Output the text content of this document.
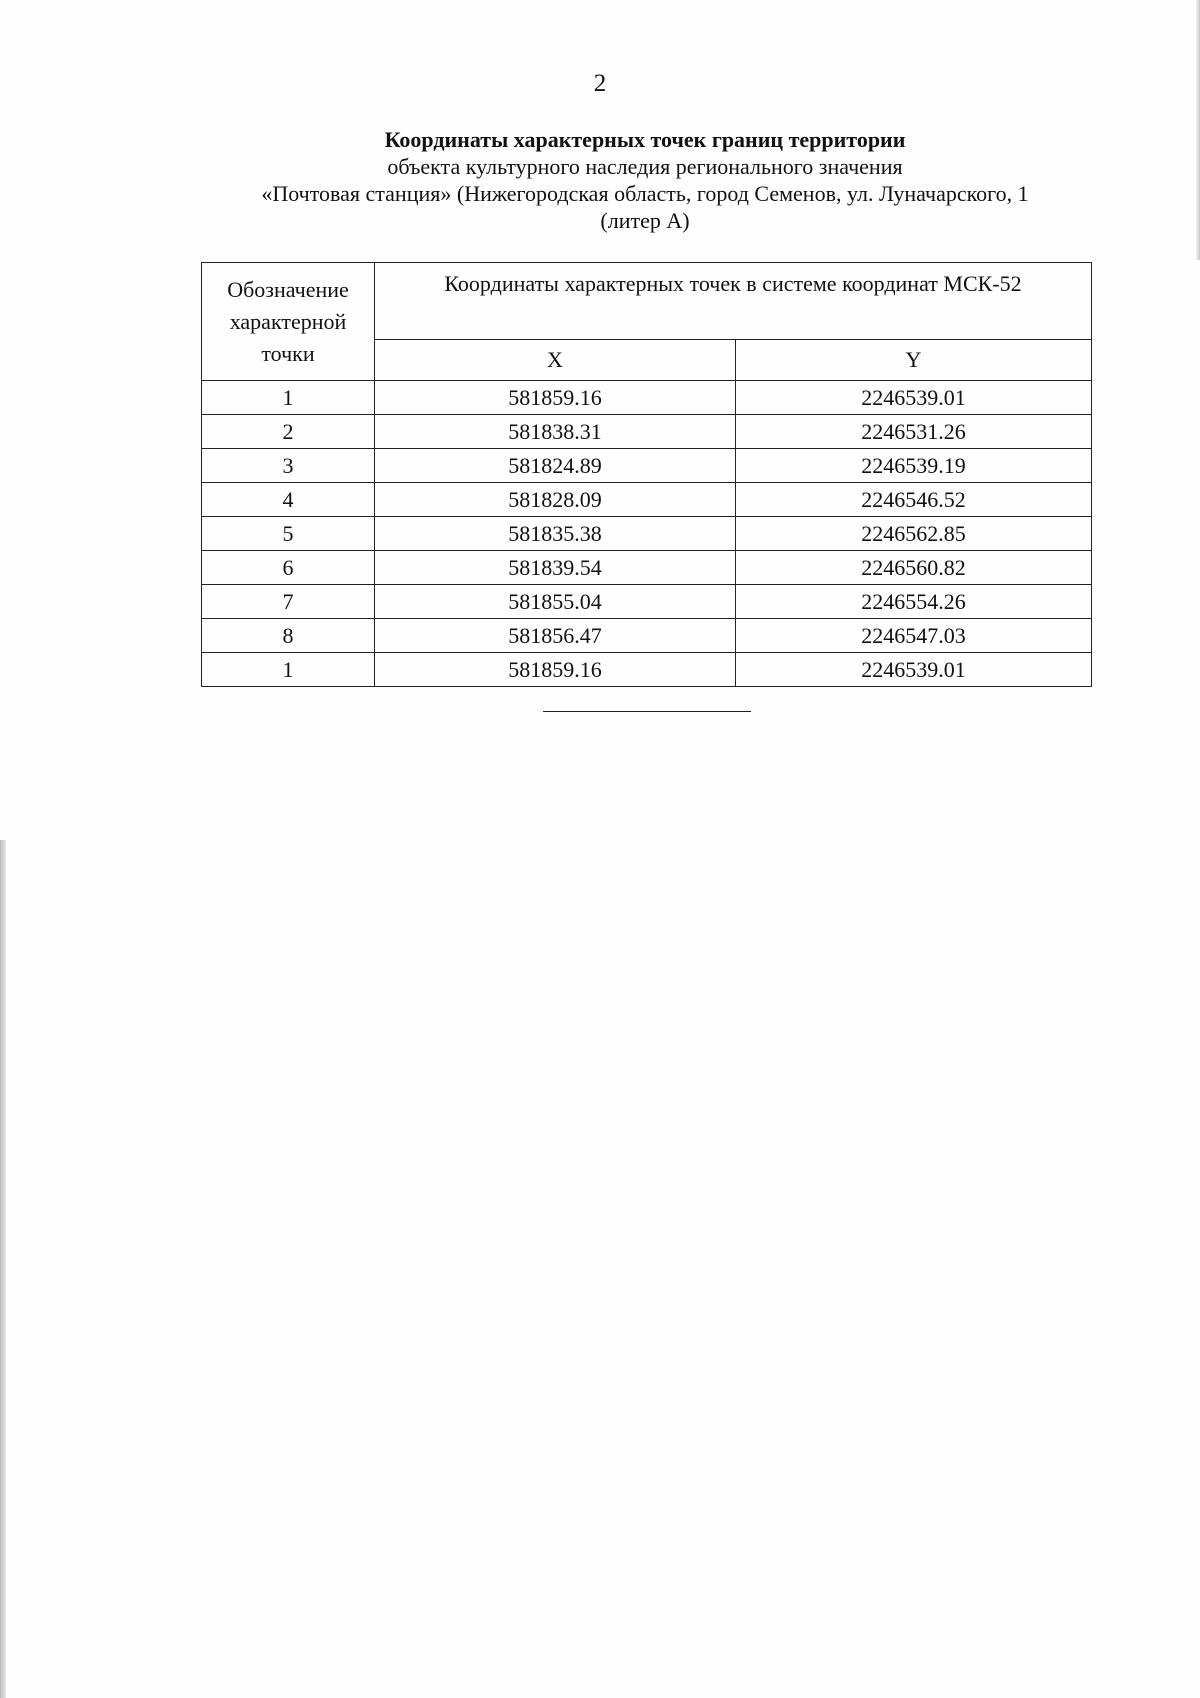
2
Координаты характерных точек границ территории
объекта культурного наследия регионального значения
«Почтовая станция» (Нижегородская область, город Семенов, ул. Луначарского, 1
(литер А)
Обозначение характерной точки	Координаты характерных точек в системе координат МСК-52	
	X	Y
1	581859.16	2246539.01
2	581838.31	2246531.26
3	581824.89	2246539.19
4	581828.09	2246546.52
5	581835.38	2246562.85
6	581839.54	2246560.82
7	581855.04	2246554.26
8	581856.47	2246547.03
1	581859.16	2246539.01
